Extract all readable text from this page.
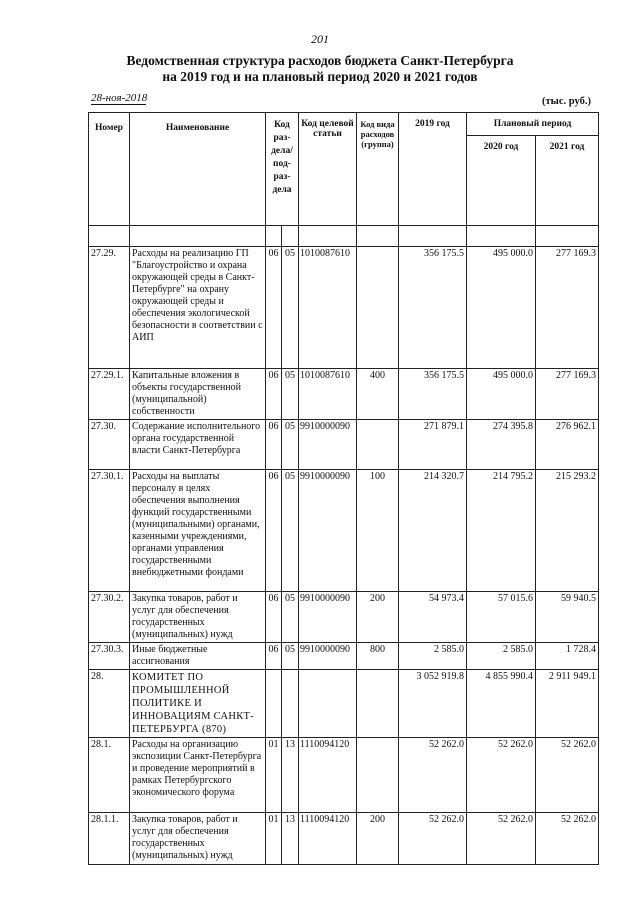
201
Ведомственная структура расходов бюджета Санкт-Петербурга
на 2019 год и на плановый период 2020 и 2021 годов
28-ноя-2018	(тыс. руб.)
Номер	Наименование	Код раз- дела/ под- раз- дела		Код целевой статьи	Код вида расходов (группа)	2019 год	Плановый период	
							2020 год	2021 год

27.29.	Расходы на реализацию ГП "Благоустройство и охрана окружающей среды в Санкт-Петербурге" на охрану окружающей среды и обеспечения экологической безопасности в соответствии с АИП	06	05	1010087610		356 175.5	495 000.0	277 169.3
27.29.1.	Капитальные вложения в объекты государственной (муниципальной) собственности	06	05	1010087610	400	356 175.5	495 000.0	277 169.3
27.30.	Содержание исполнительного органа государственной власти Санкт-Петербурга	06	05	9910000090		271 879.1	274 395.8	276 962.1
27.30.1.	Расходы на выплаты персоналу в целях обеспечения выполнения функций государственными (муниципальными) органами, казенными учреждениями, органами управления государственными внебюджетными фондами	06	05	9910000090	100	214 320.7	214 795.2	215 293.2
27.30.2.	Закупка товаров, работ и услуг для обеспечения государственных (муниципальных) нужд	06	05	9910000090	200	54 973.4	57 015.6	59 940.5
27.30.3.	Иные бюджетные ассигнования	06	05	9910000090	800	2 585.0	2 585.0	1 728.4
28.	КОМИТЕТ ПО ПРОМЫШЛЕННОЙ ПОЛИТИКЕ И ИННОВАЦИЯМ САНКТ-ПЕТЕРБУРГА (870)					3 052 919.8	4 855 990.4	2 911 949.1
28.1.	Расходы на организацию экспозиции Санкт-Петербурга и проведение мероприятий в рамках Петербургского экономического форума	01	13	1110094120		52 262.0	52 262.0	52 262.0
28.1.1.	Закупка товаров, работ и услуг для обеспечения государственных (муниципальных) нужд	01	13	1110094120	200	52 262.0	52 262.0	52 262.0
